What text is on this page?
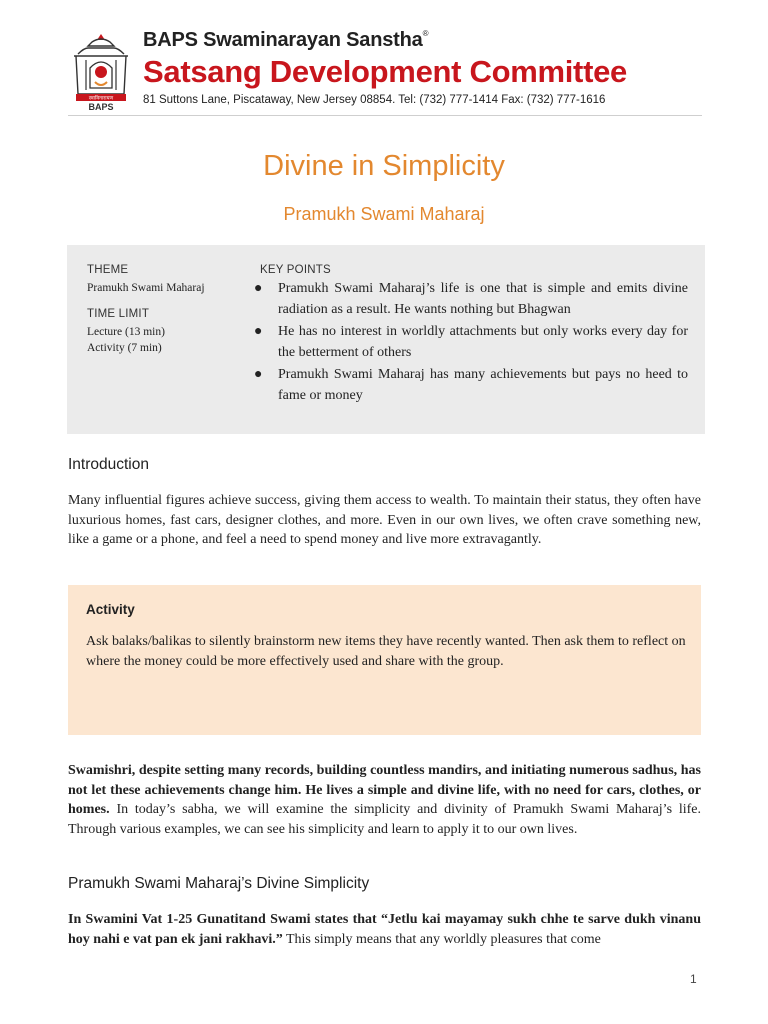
स्वामिनारायण
BAPS
BAPS Swaminarayan Sanstha®
Satsang Development Committee
81 Suttons Lane, Piscataway, New Jersey 08854. Tel: (732) 777-1414 Fax: (732) 777-1616
Divine in Simplicity
Pramukh Swami Maharaj
THEME
Pramukh Swami Maharaj
TIME LIMIT
Lecture (13 min)
Activity (7 min)
KEY POINTS
● Pramukh Swami Maharaj’s life is one that is simple and emits divine radiation as a result. He wants nothing but Bhagwan
● He has no interest in worldly attachments but only works every day for the betterment of others
● Pramukh Swami Maharaj has many achievements but pays no heed to fame or money
Introduction
Many influential figures achieve success, giving them access to wealth. To maintain their status, they often have luxurious homes, fast cars, designer clothes, and more. Even in our own lives, we often crave something new, like a game or a phone, and feel a need to spend money and live more extravagantly.
Activity
Ask balaks/balikas to silently brainstorm new items they have recently wanted. Then ask them to reflect on where the money could be more effectively used and share with the group.
Swamishri, despite setting many records, building countless mandirs, and initiating numerous sadhus, has not let these achievements change him. He lives a simple and divine life, with no need for cars, clothes, or homes. In today’s sabha, we will examine the simplicity and divinity of Pramukh Swami Maharaj’s life. Through various examples, we can see his simplicity and learn to apply it to our own lives.
Pramukh Swami Maharaj’s Divine Simplicity
In Swamini Vat 1-25 Gunatitand Swami states that “Jetlu kai mayamay sukh chhe te sarve dukh vinanu hoy nahi e vat pan ek jani rakhavi.” This simply means that any worldly pleasures that come
1
